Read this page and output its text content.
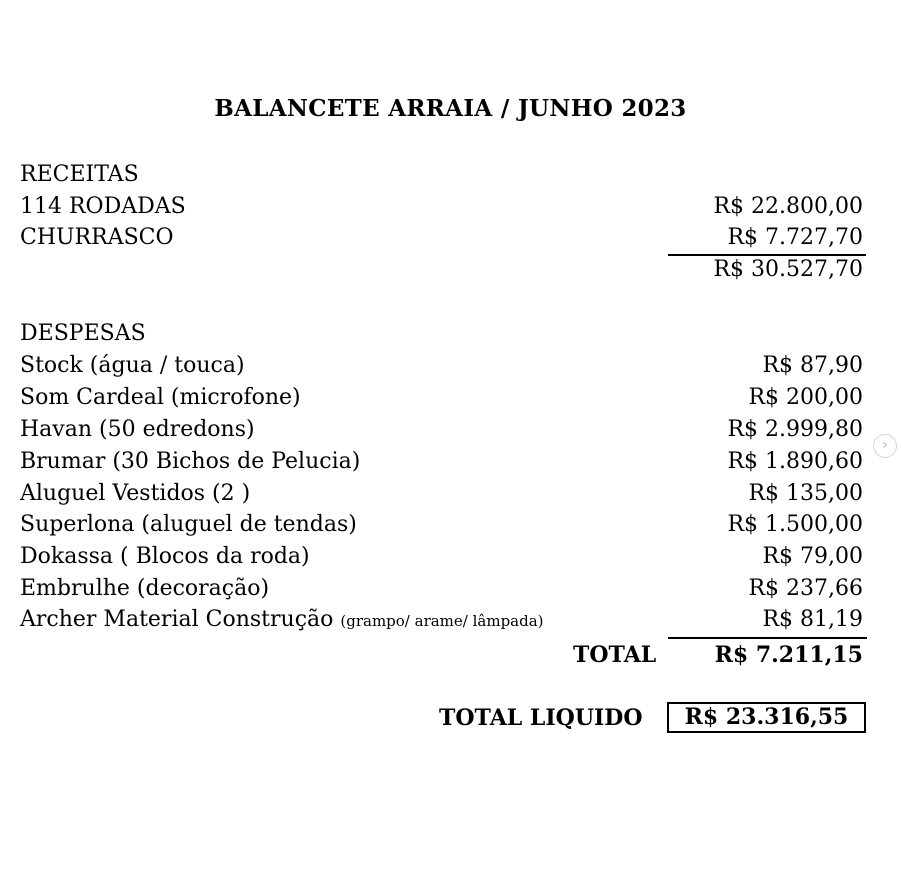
BALANCETE ARRAIA / JUNHO 2023
RECEITAS
114 RODADAS	R$ 22.800,00
CHURRASCO	R$ 7.727,70
R$ 30.527,70
DESPESAS
Stock (água / touca)	R$ 87,90
Som Cardeal (microfone)	R$ 200,00
Havan (50 edredons)	R$ 2.999,80
Brumar (30 Bichos de Pelucia)	R$ 1.890,60
Aluguel Vestidos (2 )	R$ 135,00
Superlona (aluguel de tendas)	R$ 1.500,00
Dokassa ( Blocos da roda)	R$ 79,00
Embrulhe (decoração)	R$ 237,66
Archer Material Construção (grampo/ arame/ lâmpada)	R$ 81,19
TOTAL	R$ 7.211,15
TOTAL LIQUIDO	R$ 23.316,55
›
